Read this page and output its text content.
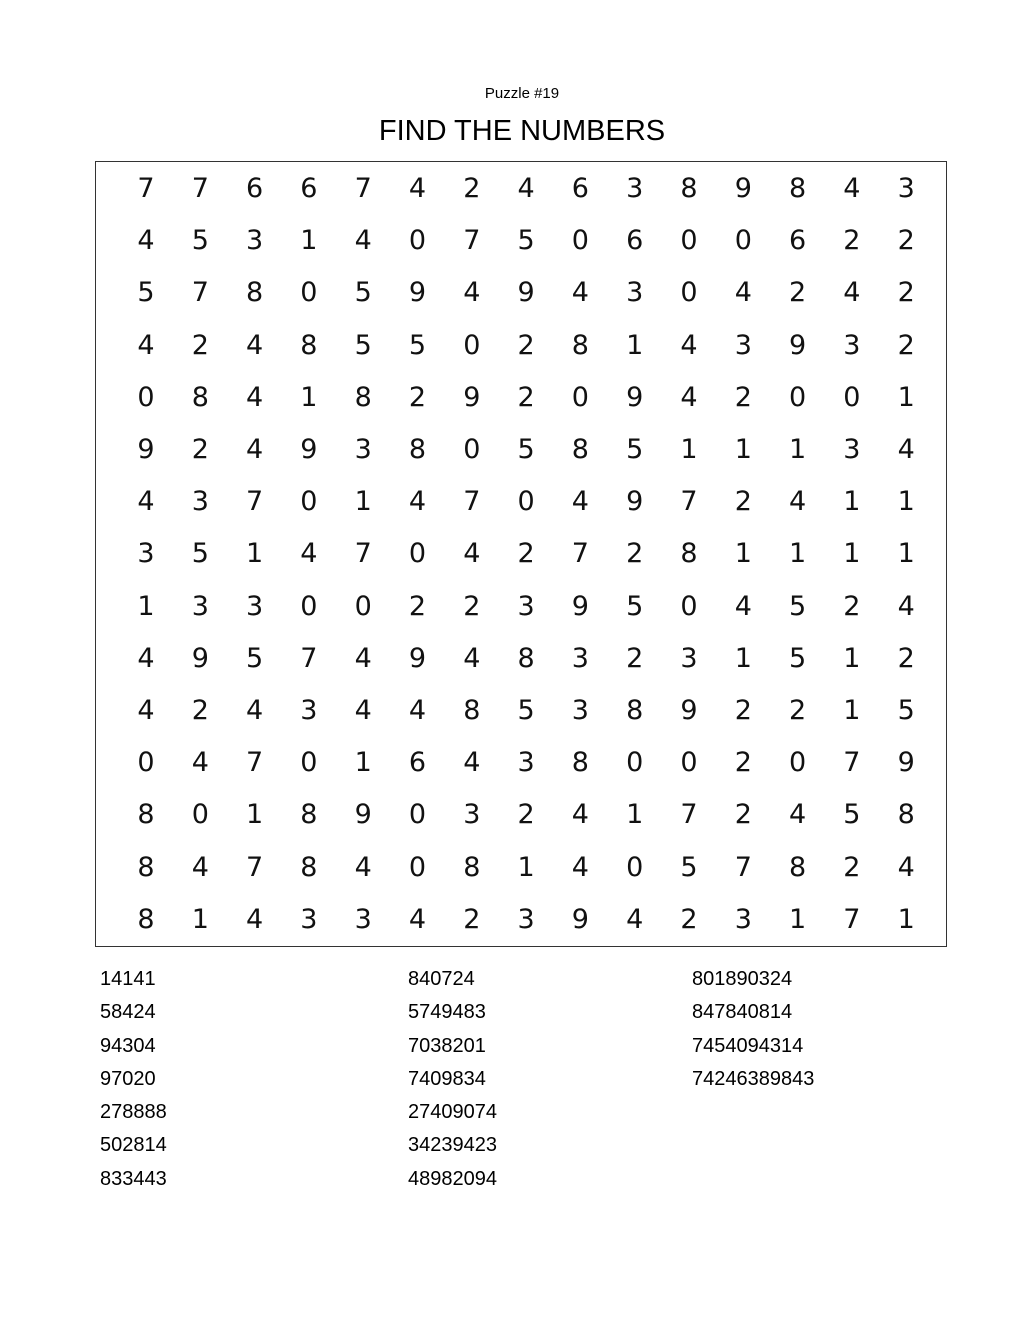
Puzzle #19
FIND THE NUMBERS
7	7	6	6	7	4	2	4	6	3	8	9	8	4	3
4	5	3	1	4	0	7	5	0	6	0	0	6	2	2
5	7	8	0	5	9	4	9	4	3	0	4	2	4	2
4	2	4	8	5	5	0	2	8	1	4	3	9	3	2
0	8	4	1	8	2	9	2	0	9	4	2	0	0	1
9	2	4	9	3	8	0	5	8	5	1	1	1	3	4
4	3	7	0	1	4	7	0	4	9	7	2	4	1	1
3	5	1	4	7	0	4	2	7	2	8	1	1	1	1
1	3	3	0	0	2	2	3	9	5	0	4	5	2	4
4	9	5	7	4	9	4	8	3	2	3	1	5	1	2
4	2	4	3	4	4	8	5	3	8	9	2	2	1	5
0	4	7	0	1	6	4	3	8	0	0	2	0	7	9
8	0	1	8	9	0	3	2	4	1	7	2	4	5	8
8	4	7	8	4	0	8	1	4	0	5	7	8	2	4
8	1	4	3	3	4	2	3	9	4	2	3	1	7	1
14141
58424
94304
97020
278888
502814
833443
840724
5749483
7038201
7409834
27409074
34239423
48982094
801890324
847840814
7454094314
74246389843
